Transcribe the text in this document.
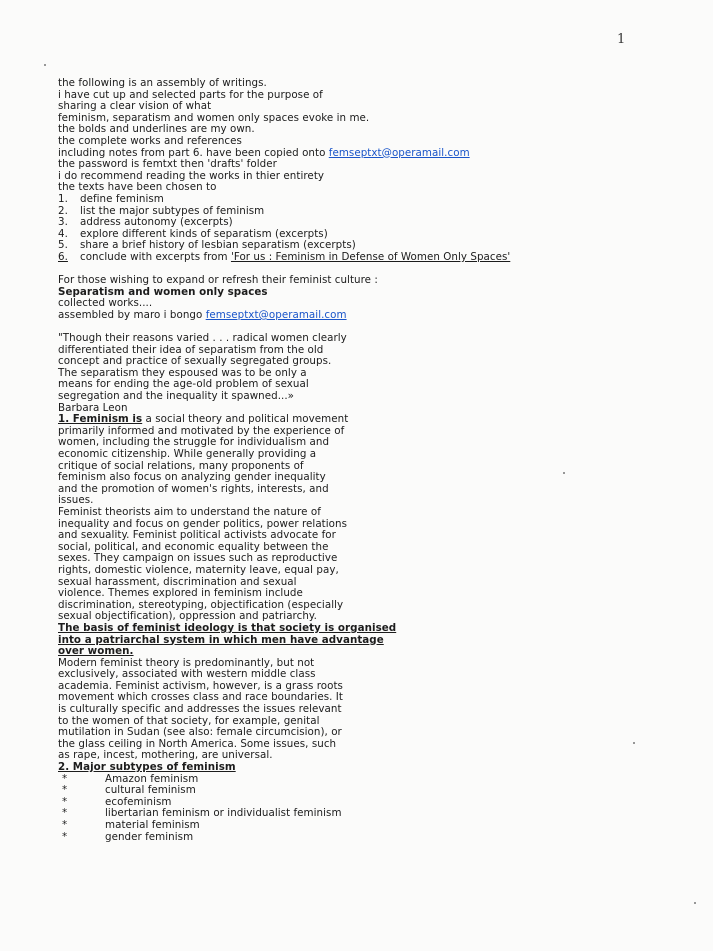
1
the following is an assembly of writings.
i have cut up and selected parts for the purpose of
sharing a clear vision of what
feminism, separatism and women only spaces evoke in me.
the bolds and underlines are my own.
the complete works and references
including notes from part 6. have been copied onto femseptxt@operamail.com
the password is femtxt then 'drafts' folder
i do recommend reading the works in thier entirety
the texts have been chosen to
1. define feminism
2. list the major subtypes of feminism
3. address autonomy (excerpts)
4. explore different kinds of separatism (excerpts)
5. share a brief history of lesbian separatism (excerpts)
6. conclude with excerpts from 'For us : Feminism in Defense of Women Only Spaces'
For those wishing to expand or refresh their feminist culture :
Separatism and women only spaces
collected works....
assembled by maro i bongo femseptxt@operamail.com
"Though their reasons varied . . . radical women clearly
differentiated their idea of separatism from the old
concept and practice of sexually segregated groups.
The separatism they espoused was to be only a
means for ending the age-old problem of sexual
segregation and the inequality it spawned...»
Barbara Leon
1. Feminism is a social theory and political movement
primarily informed and motivated by the experience of
women, including the struggle for individualism and
economic citizenship. While generally providing a
critique of social relations, many proponents of
feminism also focus on analyzing gender inequality
and the promotion of women's rights, interests, and
issues.
Feminist theorists aim to understand the nature of
inequality and focus on gender politics, power relations
and sexuality. Feminist political activists advocate for
social, political, and economic equality between the
sexes. They campaign on issues such as reproductive
rights, domestic violence, maternity leave, equal pay,
sexual harassment, discrimination and sexual
violence. Themes explored in feminism include
discrimination, stereotyping, objectification (especially
sexual objectification), oppression and patriarchy.
The basis of feminist ideology is that society is organised
into a patriarchal system in which men have advantage
over women.
Modern feminist theory is predominantly, but not
exclusively, associated with western middle class
academia. Feminist activism, however, is a grass roots
movement which crosses class and race boundaries. It
is culturally specific and addresses the issues relevant
to the women of that society, for example, genital
mutilation in Sudan (see also: female circumcision), or
the glass ceiling in North America. Some issues, such
as rape, incest, mothering, are universal.
2. Major subtypes of feminism
*	Amazon feminism
*	cultural feminism
*	ecofeminism
*	libertarian feminism or individualist feminism
*	material feminism
*	gender feminism
